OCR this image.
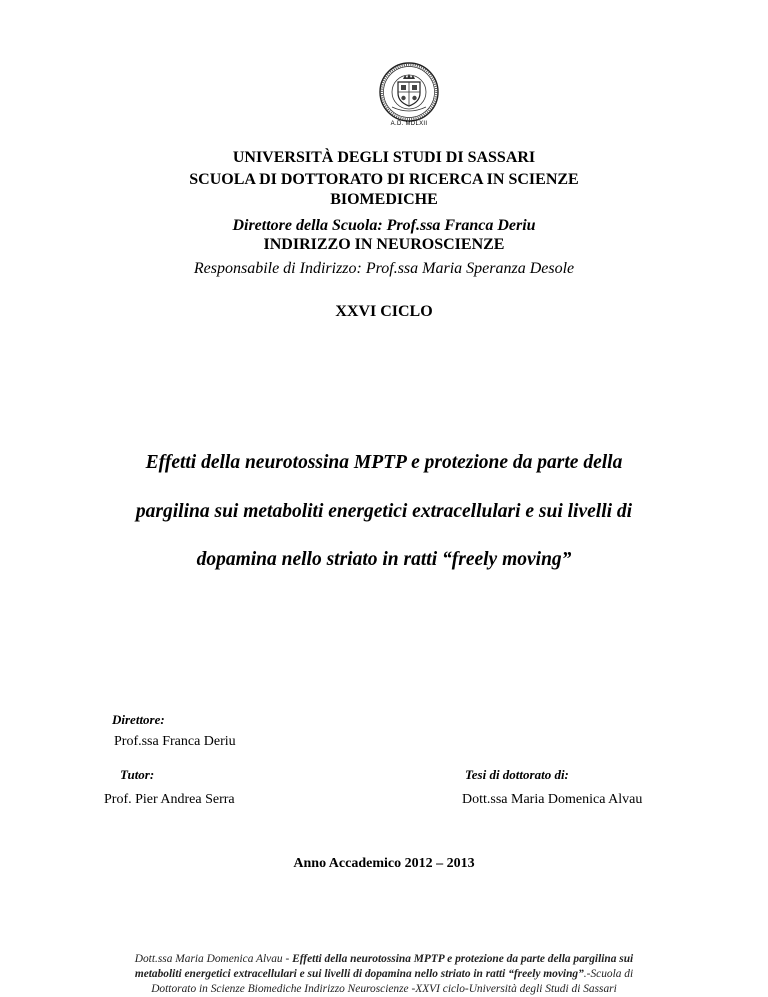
A.D. MDLXII
UNIVERSITÀ DEGLI STUDI DI SASSARI
SCUOLA DI DOTTORATO DI RICERCA IN SCIENZE
BIOMEDICHE
Direttore della Scuola: Prof.ssa Franca Deriu
INDIRIZZO IN NEUROSCIENZE
Responsabile di Indirizzo: Prof.ssa Maria Speranza Desole
XXVI CICLO
Effetti della neurotossina MPTP e protezione da parte della
pargilina sui metaboliti energetici extracellulari e sui livelli di
dopamina nello striato in ratti “freely moving”
Direttore:
Prof.ssa Franca Deriu
Tutor:
Prof. Pier Andrea Serra
Tesi di dottorato di:
Dott.ssa Maria Domenica Alvau
Anno Accademico 2012 – 2013
Dott.ssa Maria Domenica Alvau - Effetti della neurotossina MPTP e protezione da parte della pargilina sui metaboliti energetici extracellulari e sui livelli di dopamina nello striato in ratti “freely moving”.-Scuola di Dottorato in Scienze Biomediche Indirizzo Neuroscienze -XXVI ciclo-Università degli Studi di Sassari
